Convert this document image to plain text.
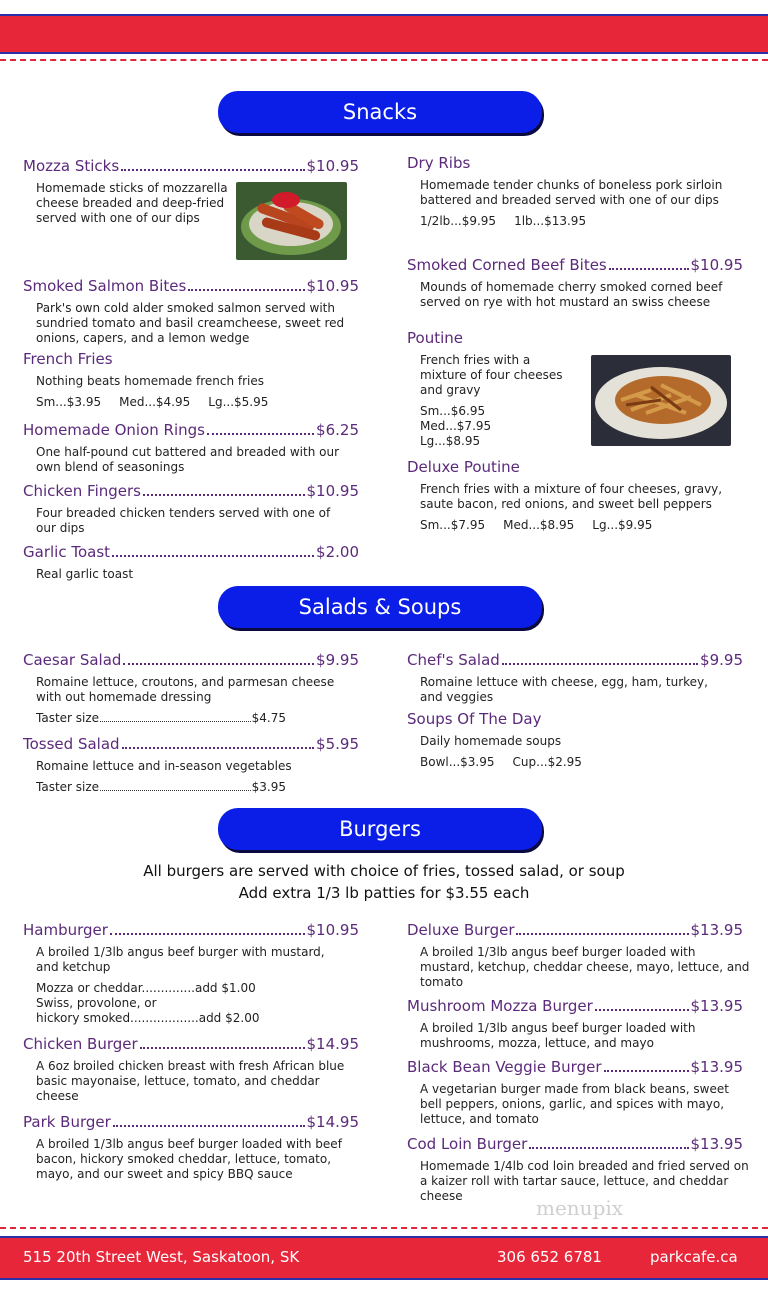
Snacks
Mozza Sticks	$10.95
Homemade sticks of mozzarella cheese breaded and deep-fried served with one of our dips
Smoked Salmon Bites	$10.95
Park's own cold alder smoked salmon served with sundried tomato and basil creamcheese, sweet red onions, capers, and a lemon wedge
French Fries
Nothing beats homemade french fries
Sm...$3.95 Med...$4.95 Lg...$5.95
Homemade Onion Rings	$6.25
One half-pound cut battered and breaded with our own blend of seasonings
Chicken Fingers	$10.95
Four breaded chicken tenders served with one of our dips
Garlic Toast	$2.00
Real garlic toast
Dry Ribs
Homemade tender chunks of boneless pork sirloin battered and breaded served with one of our dips
1/2lb...$9.95 1lb...$13.95
Smoked Corned Beef Bites	$10.95
Mounds of homemade cherry smoked corned beef served on rye with hot mustard an swiss cheese
Poutine
French fries with a mixture of four cheeses and gravy
Sm...$6.95
Med...$7.95
Lg...$8.95
Deluxe Poutine
French fries with a mixture of four cheeses, gravy, saute bacon, red onions, and sweet bell peppers
Sm...$7.95 Med...$8.95 Lg...$9.95
Salads & Soups
Caesar Salad	$9.95
Romaine lettuce, croutons, and parmesan cheese with out homemade dressing
Taster size	$4.75
Tossed Salad	$5.95
Romaine lettuce and in-season vegetables
Taster size	$3.95
Chef's Salad	$9.95
Romaine lettuce with cheese, egg, ham, turkey, and veggies
Soups Of The Day
Daily homemade soups
Bowl...$3.95 Cup...$2.95
Burgers
All burgers are served with choice of fries, tossed salad, or soup
Add extra 1/3 lb patties for $3.55 each
Hamburger	$10.95
A broiled 1/3lb angus beef burger with mustard, and ketchup
Mozza or cheddar..............add $1.00
Swiss, provolone, or
hickory smoked..................add $2.00
Chicken Burger	$14.95
A 6oz broiled chicken breast with fresh African blue basic mayonaise, lettuce, tomato, and cheddar cheese
Park Burger	$14.95
A broiled 1/3lb angus beef burger loaded with beef bacon, hickory smoked cheddar, lettuce, tomato, mayo, and our sweet and spicy BBQ sauce
Deluxe Burger	$13.95
A broiled 1/3lb angus beef burger loaded with mustard, ketchup, cheddar cheese, mayo, lettuce, and tomato
Mushroom Mozza Burger	$13.95
A broiled 1/3lb angus beef burger loaded with mushrooms, mozza, lettuce, and mayo
Black Bean Veggie Burger	$13.95
A vegetarian burger made from black beans, sweet bell peppers, onions, garlic, and spices with mayo, lettuce, and tomato
Cod Loin Burger	$13.95
Homemade 1/4lb cod loin breaded and fried served on a kaizer roll with tartar sauce, lettuce, and cheddar cheese	menupix
515 20th Street West, Saskatoon, SK	306 652 6781	parkcafe.ca
